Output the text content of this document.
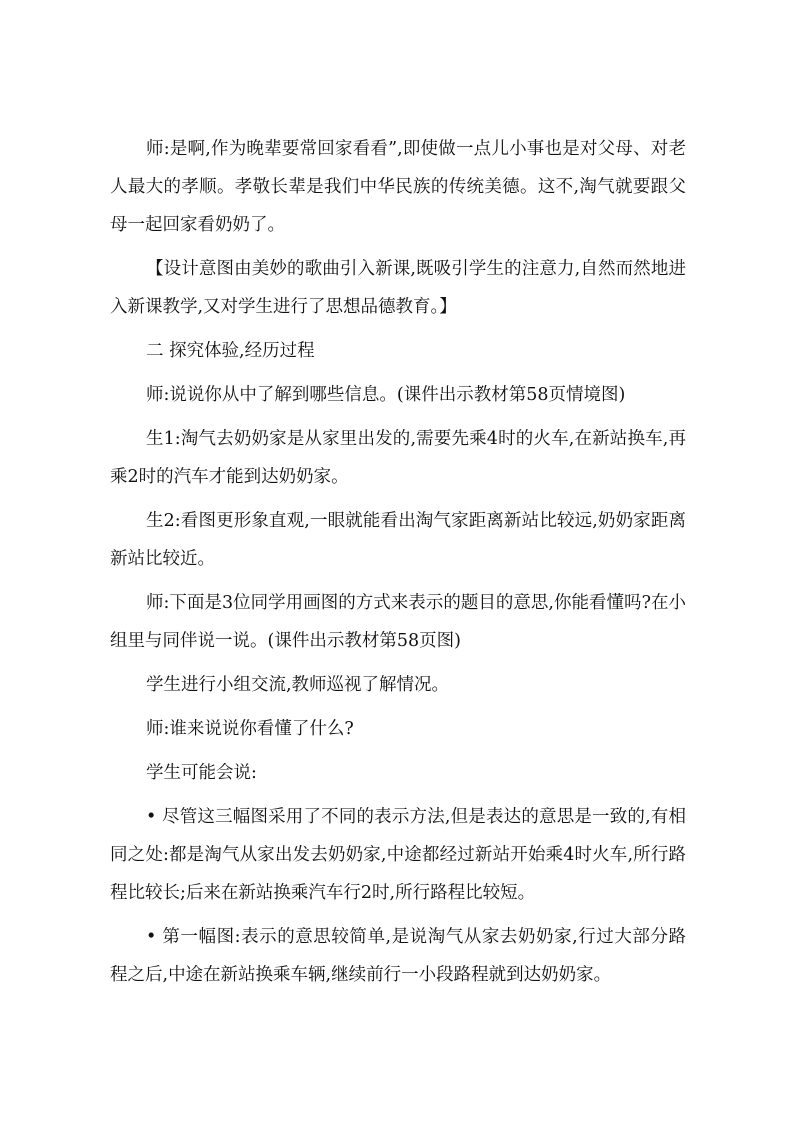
师:是啊,作为晚辈要常回家看看”,即使做一点儿小事也是对父母、对老人最大的孝顺。孝敬长辈是我们中华民族的传统美德。这不,淘气就要跟父母一起回家看奶奶了。

【设计意图由美妙的歌曲引入新课,既吸引学生的注意力,自然而然地进入新课教学,又对学生进行了思想品德教育。】

二 探究体验,经历过程

师:说说你从中了解到哪些信息。(课件出示教材第58页情境图)

生1:淘气去奶奶家是从家里出发的,需要先乘4时的火车,在新站换车,再乘2时的汽车才能到达奶奶家。

生2:看图更形象直观,一眼就能看出淘气家距离新站比较远,奶奶家距离新站比较近。

师:下面是3位同学用画图的方式来表示的题目的意思,你能看懂吗?在小组里与同伴说一说。(课件出示教材第58页图)

学生进行小组交流,教师巡视了解情况。

师:谁来说说你看懂了什么?

学生可能会说:

• 尽管这三幅图采用了不同的表示方法,但是表达的意思是一致的,有相同之处:都是淘气从家出发去奶奶家,中途都经过新站开始乘4时火车,所行路程比较长;后来在新站换乘汽车行2时,所行路程比较短。

• 第一幅图:表示的意思较简单,是说淘气从家去奶奶家,行过大部分路程之后,中途在新站换乘车辆,继续前行一小段路程就到达奶奶家。
